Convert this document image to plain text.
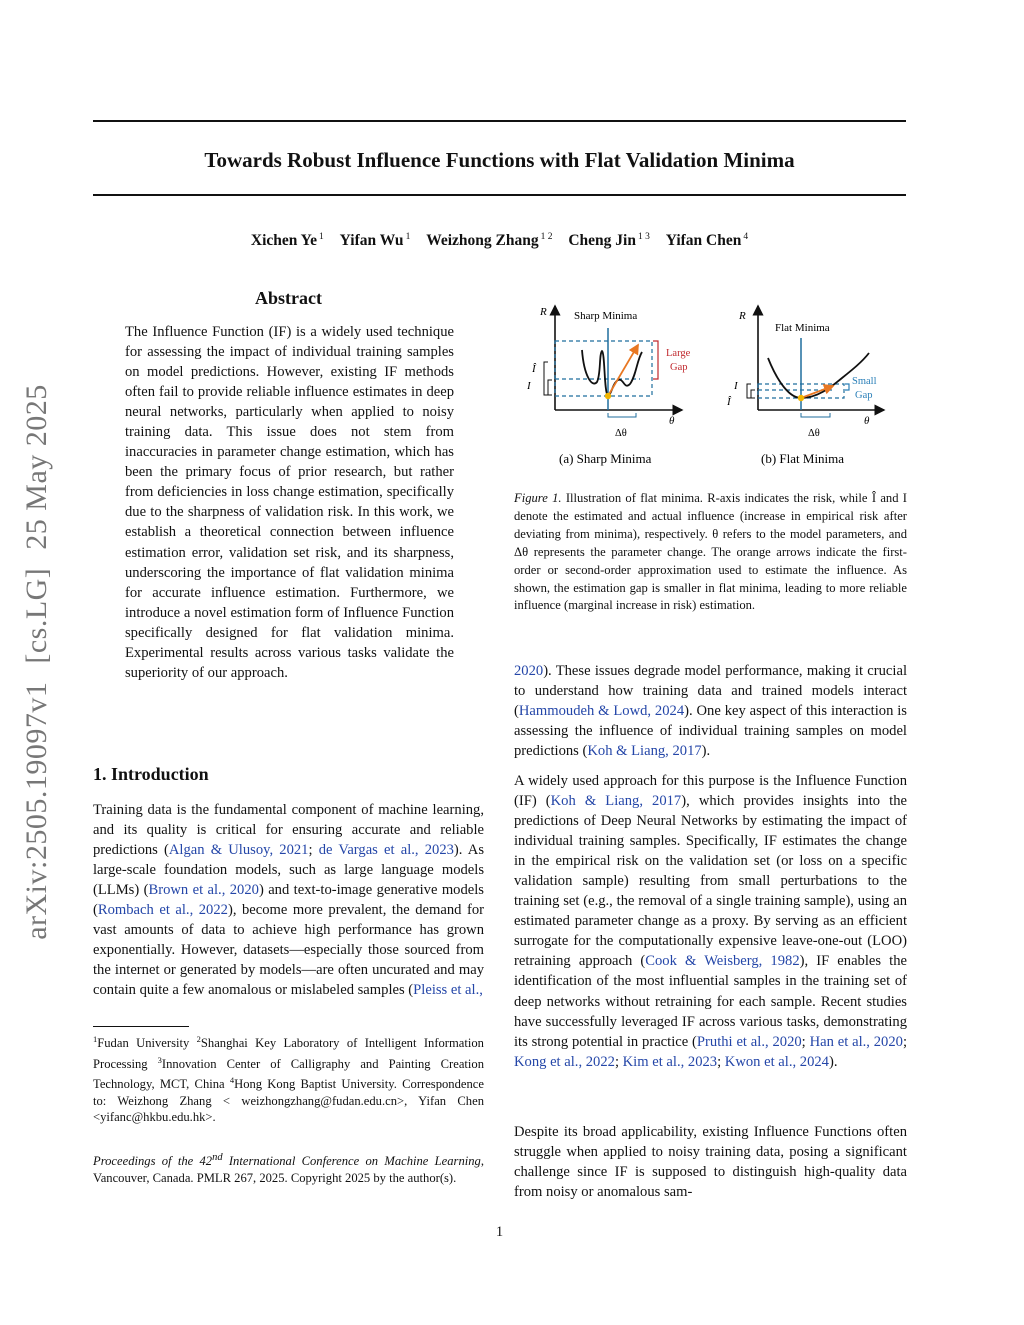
Towards Robust Influence Functions with Flat Validation Minima
Xichen Ye $^1$ Yifan Wu $^1$ Weizhong Zhang $^{1 2}$ Cheng Jin $^{1 3}$ Yifan Chen $^4$
arXiv:2505.19097v1[cs.LG]25 May 2025
Abstract
The Influence Function (IF) is a widely used technique for assessing the impact of individual training samples on model predictions. However, existing IF methods often fail to provide reliable influence estimates in deep neural networks, particularly when applied to noisy training data. This issue does not stem from inaccuracies in parameter change estimation, which has been the primary focus of prior research, but rather from deficiencies in loss change estimation, specifically due to the sharpness of validation risk. In this work, we establish a theoretical connection between influence estimation error, validation set risk, and its sharpness, underscoring the importance of flat validation minima for accurate influence estimation. Furthermore, we introduce a novel estimation form of Influence Function specifically designed for flat validation minima. Experimental results across various tasks validate the superiority of our approach.
1. Introduction
Training data is the fundamental component of machine learning, and its quality is critical for ensuring accurate and reliable predictions (Algan & Ulusoy, 2021; de Vargas et al., 2023). As large-scale foundation models, such as large language models (LLMs) (Brown et al., 2020) and text-to-image generative models (Rombach et al., 2022), become more prevalent, the demand for vast amounts of data to achieve high performance has grown exponentially. However, datasets—especially those sourced from the internet or generated by models—are often uncurated and may contain quite a few anomalous or mislabeled samples (Pleiss et al.,
$^1$Fudan University $^2$Shanghai Key Laboratory of Intelligent Information Processing $^3$Innovation Center of Calligraphy and Painting Creation Technology, MCT, China $^4$Hong Kong Baptist University. Correspondence to: Weizhong Zhang < weizhongzhang@fudan.edu.cn>, Yifan Chen <yifanc@hkbu.edu.hk>.
Proceedings of the 42nd International Conference on Machine Learning, Vancouver, Canada. PMLR 267, 2025. Copyright 2025 by the author(s).
R
θ
Sharp Minima
Î
I
Large
Gap
Δθ
(a) Sharp Minima
R
θ
Flat Minima
I
Î
Small
Gap
Δθ
(b) Flat Minima
Figure 1. Illustration of flat minima. R-axis indicates the risk, while Î and I denote the estimated and actual influence (increase in empirical risk after deviating from minima), respectively. θ refers to the model parameters, and Δθ represents the parameter change. The orange arrows indicate the first-order or second-order approximation used to estimate the influence. As shown, the estimation gap is smaller in flat minima, leading to more reliable influence (marginal increase in risk) estimation.
2020). These issues degrade model performance, making it crucial to understand how training data and trained models interact (Hammoudeh & Lowd, 2024). One key aspect of this interaction is assessing the influence of individual training samples on model predictions (Koh & Liang, 2017).
A widely used approach for this purpose is the Influence Function (IF) (Koh & Liang, 2017), which provides insights into the predictions of Deep Neural Networks by estimating the impact of individual training samples. Specifically, IF estimates the change in the empirical risk on the validation set (or loss on a specific validation sample) resulting from small perturbations to the training set (e.g., the removal of a single training sample), using an estimated parameter change as a proxy. By serving as an efficient surrogate for the computationally expensive leave-one-out (LOO) retraining approach (Cook & Weisberg, 1982), IF enables the identification of the most influential samples in the training set of deep networks without retraining for each sample. Recent studies have successfully leveraged IF across various tasks, demonstrating its strong potential in practice (Pruthi et al., 2020; Han et al., 2020; Kong et al., 2022; Kim et al., 2023; Kwon et al., 2024).
Despite its broad applicability, existing Influence Functions often struggle when applied to noisy training data, posing a significant challenge since IF is supposed to distinguish high-quality data from noisy or anomalous sam-
1
